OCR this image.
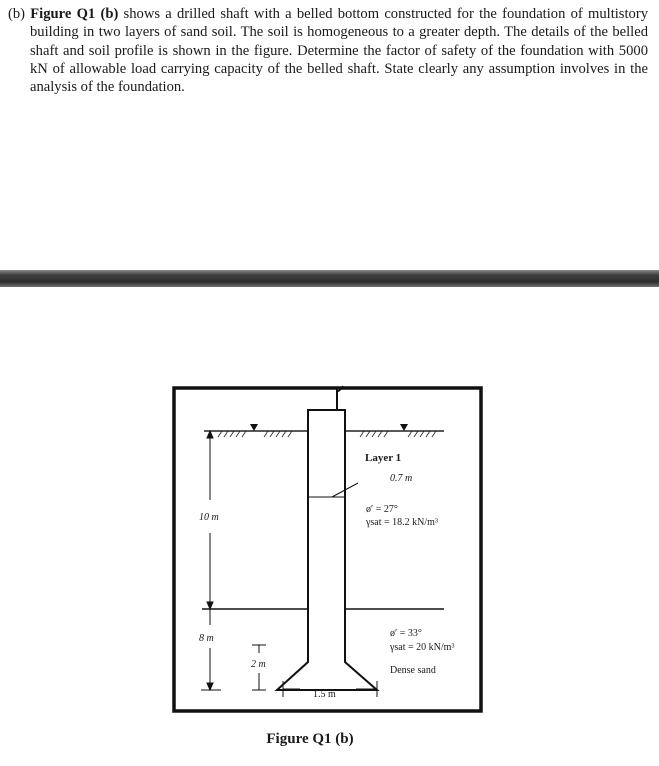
(b) Figure Q1 (b) shows a drilled shaft with a belled bottom constructed for the foundation of multistory building in two layers of sand soil. The soil is homogeneous to a greater depth. The details of the belled shaft and soil profile is shown in the figure. Determine the factor of safety of the foundation with 5000 kN of allowable load carrying capacity of the belled shaft. State clearly any assumption involves in the analysis of the foundation.
Layer 1
0.7 m
ø′ = 27°
γsat = 18.2 kN/m³
10 m
8 m
2 m
1.5 m
ø′ = 33°
γsat = 20 kN/m³
Dense sand
Figure Q1 (b)
